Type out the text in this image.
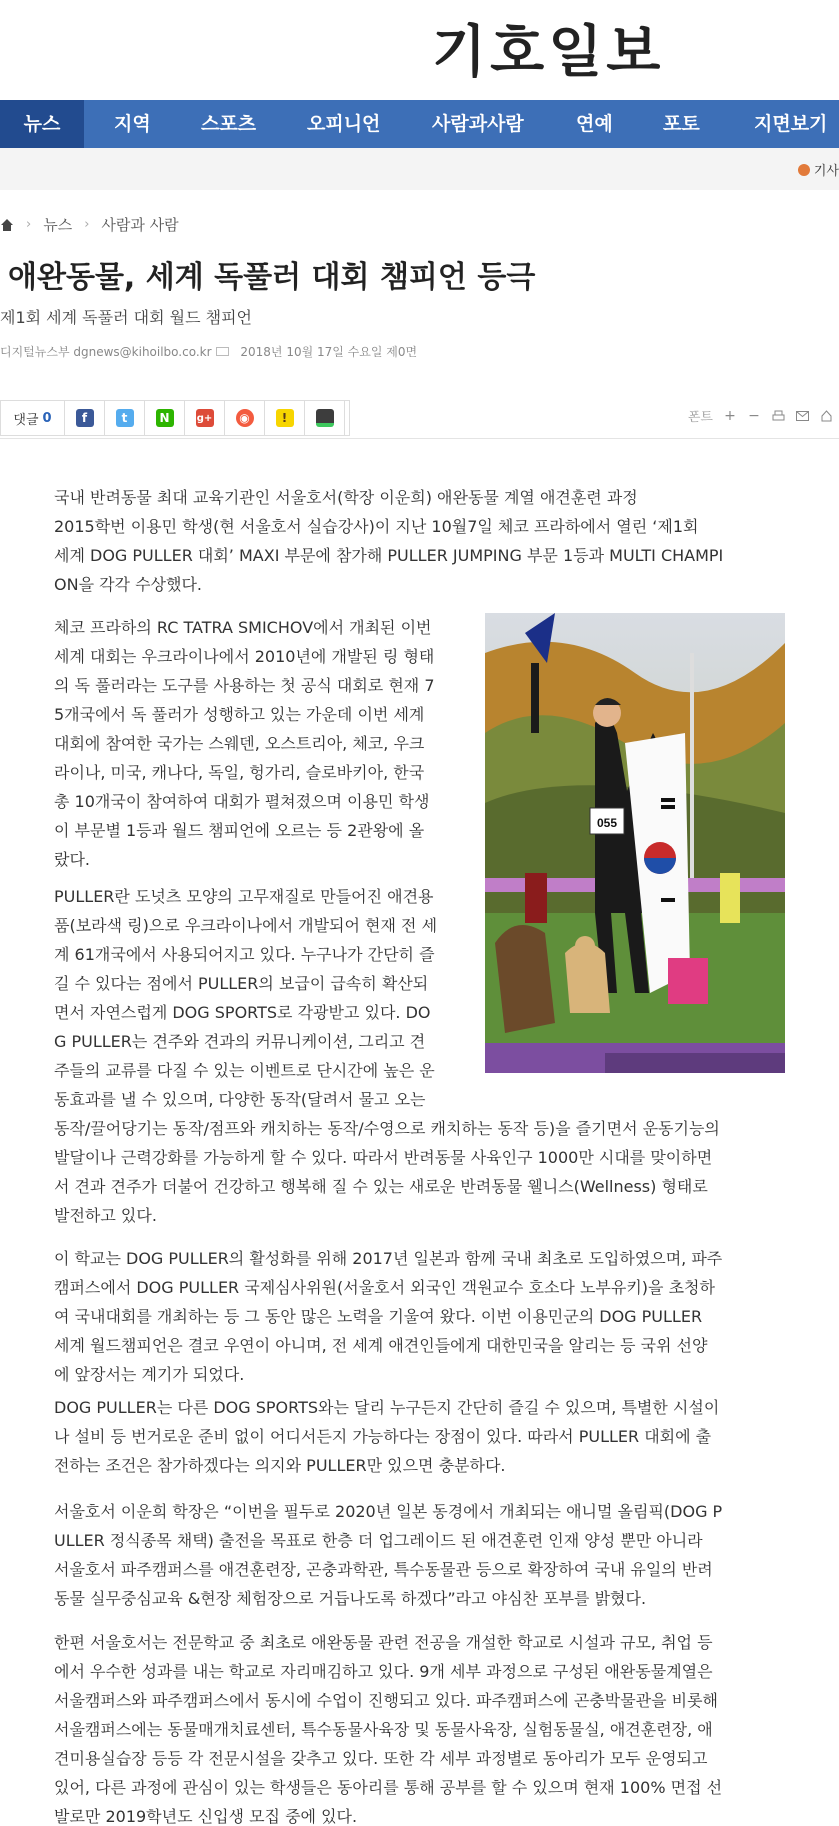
기호일보
뉴스	지역	스포츠	오피니언	사람과사람	연예	포토	지면보기
기사
› 뉴스 › 사람과 사람
애완동물, 세계 독풀러 대회 챔피언 등극
제1회 세계 독풀러 대회 월드 챔피언
디지털뉴스부 dgnews@kihoilbo.co.kr 2018년 10월 17일 수요일 제0면
댓글 0	f	t	N	g+	◉	!	폰트 + −
국내 반려동물 최대 교육기관인 서울호서(학장 이운희) 애완동물 계열 애견훈련 과정
2015학번 이용민 학생(현 서울호서 실습강사)이 지난 10월7일 체코 프라하에서 열린 ‘제1회
세계 DOG PULLER 대회’ MAXI 부문에 참가해 PULLER JUMPING 부문 1등과 MULTI CHAMPI
ON을 각각 수상했다.
체코 프라하의 RC TATRA SMICHOV에서 개최된 이번
세계 대회는 우크라이나에서 2010년에 개발된 링 형태
의 독 풀러라는 도구를 사용하는 첫 공식 대회로 현재 7
5개국에서 독 풀러가 성행하고 있는 가운데 이번 세계
대회에 참여한 국가는 스웨덴, 오스트리아, 체코, 우크
라이나, 미국, 캐나다, 독일, 헝가리, 슬로바키아, 한국
총 10개국이 참여하여 대회가 펼쳐졌으며 이용민 학생
이 부문별 1등과 월드 챔피언에 오르는 등 2관왕에 올
랐다.
055
PULLER란 도넛츠 모양의 고무재질로 만들어진 애견용
품(보라색 링)으로 우크라이나에서 개발되어 현재 전 세
계 61개국에서 사용되어지고 있다. 누구나가 간단히 즐
길 수 있다는 점에서 PULLER의 보급이 급속히 확산되
면서 자연스럽게 DOG SPORTS로 각광받고 있다. DO
G PULLER는 견주와 견과의 커뮤니케이션, 그리고 견
주들의 교류를 다질 수 있는 이벤트로 단시간에 높은 운
동효과를 낼 수 있으며, 다양한 동작(달려서 물고 오는
동작/끌어당기는 동작/점프와 캐치하는 동작/수영으로 캐치하는 동작 등)을 즐기면서 운동기능의
발달이나 근력강화를 가능하게 할 수 있다. 따라서 반려동물 사육인구 1000만 시대를 맞이하면
서 견과 견주가 더불어 건강하고 행복해 질 수 있는 새로운 반려동물 웰니스(Wellness) 형태로
발전하고 있다.
이 학교는 DOG PULLER의 활성화를 위해 2017년 일본과 함께 국내 최초로 도입하였으며, 파주
캠퍼스에서 DOG PULLER 국제심사위원(서울호서 외국인 객원교수 호소다 노부유키)을 초청하
여 국내대회를 개최하는 등 그 동안 많은 노력을 기울여 왔다. 이번 이용민군의 DOG PULLER
세계 월드챔피언은 결코 우연이 아니며, 전 세계 애견인들에게 대한민국을 알리는 등 국위 선양
에 앞장서는 계기가 되었다.
DOG PULLER는 다른 DOG SPORTS와는 달리 누구든지 간단히 즐길 수 있으며, 특별한 시설이
나 설비 등 번거로운 준비 없이 어디서든지 가능하다는 장점이 있다. 따라서 PULLER 대회에 출
전하는 조건은 참가하겠다는 의지와 PULLER만 있으면 충분하다.
서울호서 이운희 학장은 “이번을 필두로 2020년 일본 동경에서 개최되는 애니멀 올림픽(DOG P
ULLER 정식종목 채택) 출전을 목표로 한층 더 업그레이드 된 애견훈련 인재 양성 뿐만 아니라
서울호서 파주캠퍼스를 애견훈련장, 곤충과학관, 특수동물관 등으로 확장하여 국내 유일의 반려
동물 실무중심교육 &현장 체험장으로 거듭나도록 하겠다”라고 야심찬 포부를 밝혔다.
한편 서울호서는 전문학교 중 최초로 애완동물 관련 전공을 개설한 학교로 시설과 규모, 취업 등
에서 우수한 성과를 내는 학교로 자리매김하고 있다. 9개 세부 과정으로 구성된 애완동물계열은
서울캠퍼스와 파주캠퍼스에서 동시에 수업이 진행되고 있다. 파주캠퍼스에 곤충박물관을 비롯해
서울캠퍼스에는 동물매개치료센터, 특수동물사육장 및 동물사육장, 실험동물실, 애견훈련장, 애
견미용실습장 등등 각 전문시설을 갖추고 있다. 또한 각 세부 과정별로 동아리가 모두 운영되고
있어, 다른 과정에 관심이 있는 학생들은 동아리를 통해 공부를 할 수 있으며 현재 100% 면접 선
발로만 2019학년도 신입생 모집 중에 있다.
